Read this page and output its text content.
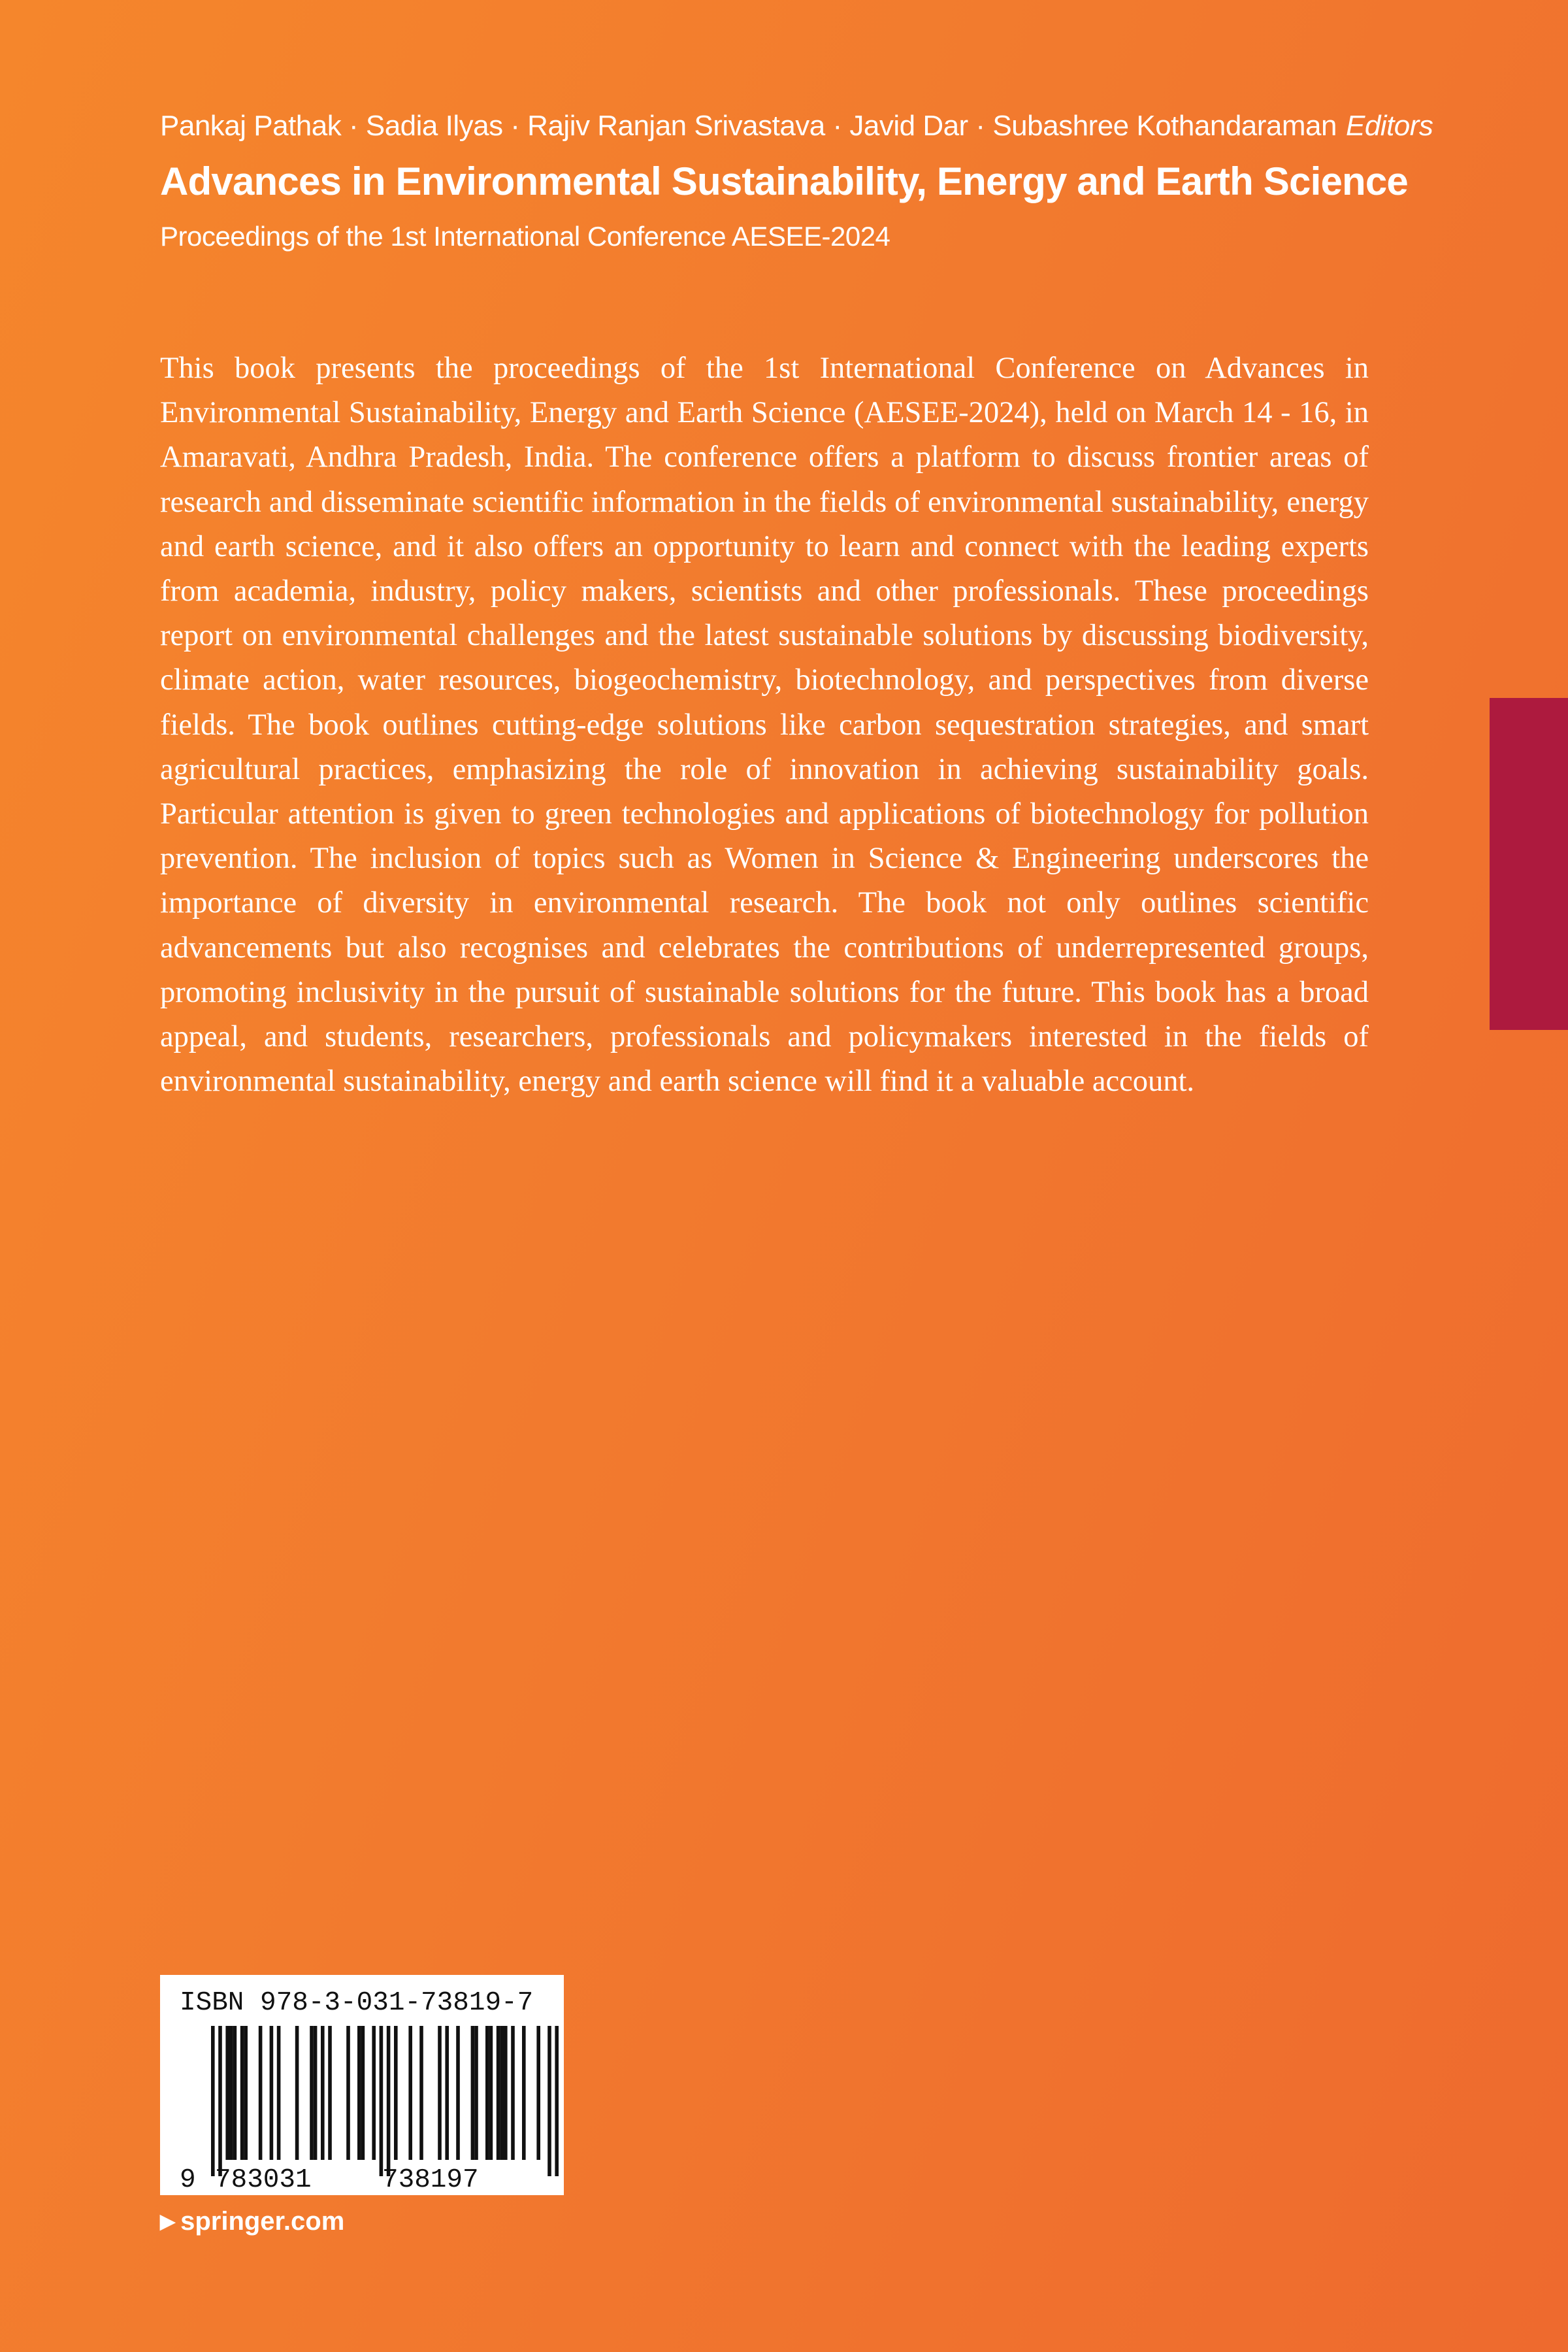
Pankaj Pathak · Sadia Ilyas · Rajiv Ranjan Srivastava · Javid Dar · Subashree Kothandaraman Editors
Advances in Environmental Sustainability, Energy and Earth Science
Proceedings of the 1st International Conference AESEE-2024

This book presents the proceedings of the 1st International Conference on Advances in Environmental Sustainability, Energy and Earth Science (AESEE-2024), held on March 14 - 16, in Amaravati, Andhra Pradesh, India. The conference offers a platform to discuss frontier areas of research and disseminate scientific information in the fields of environmental sustainability, energy and earth science, and it also offers an opportunity to learn and connect with the leading experts from academia, industry, policy makers, scientists and other professionals. These proceedings report on environmental challenges and the latest sustainable solutions by discussing biodiversity, climate action, water resources, biogeochemistry, biotechnology, and perspectives from diverse fields. The book outlines cutting-edge solutions like carbon sequestration strategies, and smart agricultural practices, emphasizing the role of innovation in achieving sustainability goals. Particular attention is given to green technologies and applications of biotechnology for pollution prevention. The inclusion of topics such as Women in Science & Engineering underscores the importance of diversity in environmental research. The book not only outlines scientific advancements but also recognises and celebrates the contributions of underrepresented groups, promoting inclusivity in the pursuit of sustainable solutions for the future. This book has a broad appeal, and students, researchers, professionals and policymakers interested in the fields of environmental sustainability, energy and earth science will find it a valuable account.

ISBN 978-3-031-73819-7
9 783031	738197
▶ springer.com
